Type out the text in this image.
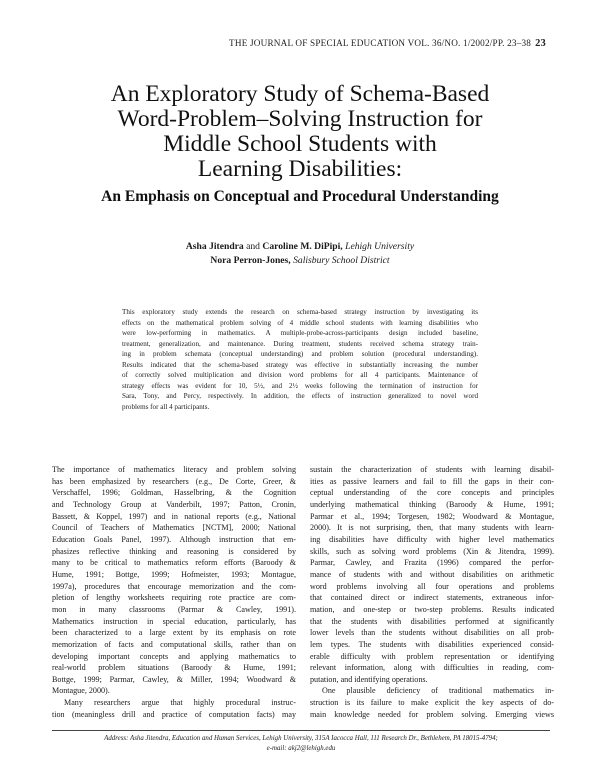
THE JOURNAL OF SPECIAL EDUCATION VOL. 36/NO. 1/2002/PP. 23–38 23
An Exploratory Study of Schema-Based
Word-Problem–Solving Instruction for
Middle School Students with
Learning Disabilities:
An Emphasis on Conceptual and Procedural Understanding
Asha Jitendra and Caroline M. DiPipi, Lehigh University
Nora Perron-Jones, Salisbury School District
This exploratory study extends the research on schema-based strategy instruction by investigating its
effects on the mathematical problem solving of 4 middle school students with learning disabilities who
were low-performing in mathematics. A multiple-probe-across-participants design included baseline,
treatment, generalization, and maintenance. During treatment, students received schema strategy train-
ing in problem schemata (conceptual understanding) and problem solution (procedural understanding).
Results indicated that the schema-based strategy was effective in substantially increasing the number
of correctly solved multiplication and division word problems for all 4 participants. Maintenance of
strategy effects was evident for 10, 5½, and 2½ weeks following the termination of instruction for
Sara, Tony, and Percy, respectively. In addition, the effects of instruction generalized to novel word
problems for all 4 participants.
The importance of mathematics literacy and problem solving
has been emphasized by researchers (e.g., De Corte, Greer, &
Verschaffel, 1996; Goldman, Hasselbring, & the Cognition
and Technology Group at Vanderbilt, 1997; Patton, Cronin,
Bassett, & Koppel, 1997) and in national reports (e.g., National
Council of Teachers of Mathematics [NCTM], 2000; National
Education Goals Panel, 1997). Although instruction that em-
phasizes reflective thinking and reasoning is considered by
many to be critical to mathematics reform efforts (Baroody &
Hume, 1991; Bottge, 1999; Hofmeister, 1993; Montague,
1997a), procedures that encourage memorization and the com-
pletion of lengthy worksheets requiring rote practice are com-
mon in many classrooms (Parmar & Cawley, 1991).
Mathematics instruction in special education, particularly, has
been characterized to a large extent by its emphasis on rote
memorization of facts and computational skills, rather than on
developing important concepts and applying mathematics to
real-world problem situations (Baroody & Hume, 1991;
Bottge, 1999; Parmar, Cawley, & Miller, 1994; Woodward &
Montague, 2000).
Many researchers argue that highly procedural instruc-
tion (meaningless drill and practice of computation facts) may
sustain the characterization of students with learning disabil-
ities as passive learners and fail to fill the gaps in their con-
ceptual understanding of the core concepts and principles
underlying mathematical thinking (Baroody & Hume, 1991;
Parmar et al., 1994; Torgesen, 1982; Woodward & Montague,
2000). It is not surprising, then, that many students with learn-
ing disabilities have difficulty with higher level mathematics
skills, such as solving word problems (Xin & Jitendra, 1999).
Parmar, Cawley, and Frazita (1996) compared the perfor-
mance of students with and without disabilities on arithmetic
word problems involving all four operations and problems
that contained direct or indirect statements, extraneous infor-
mation, and one-step or two-step problems. Results indicated
that the students with disabilities performed at significantly
lower levels than the students without disabilities on all prob-
lem types. The students with disabilities experienced consid-
erable difficulty with problem representation or identifying
relevant information, along with difficulties in reading, com-
putation, and identifying operations.
One plausible deficiency of traditional mathematics in-
struction is its failure to make explicit the key aspects of do-
main knowledge needed for problem solving. Emerging views
Address: Asha Jitendra, Education and Human Services, Lehigh University, 315A Iacocca Hall, 111 Research Dr., Bethlehem, PA 18015-4794;
e-mail: akj2@lehigh.edu
